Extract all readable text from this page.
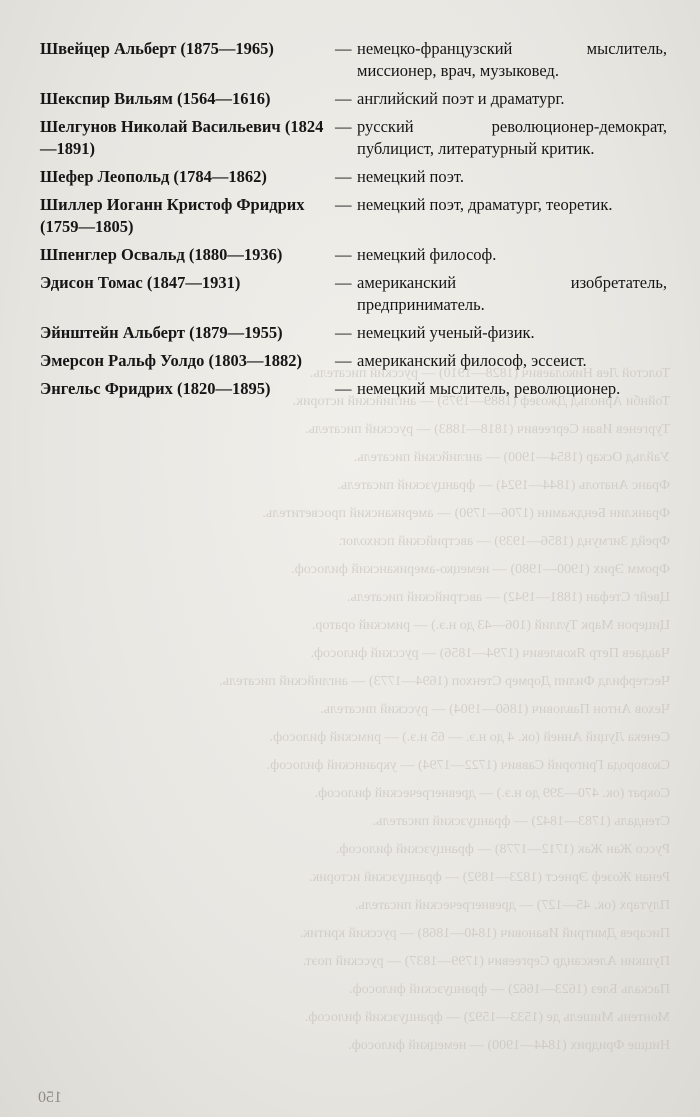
Толстой Лев Николаевич (1828—1910) — русский писатель.
Тойнби Арнольд Джозеф (1889—1975) — английский историк.
Тургенев Иван Сергеевич (1818—1883) — русский писатель.
Уайльд Оскар (1854—1900) — английский писатель.
Франс Анатоль (1844—1924) — французский писатель.
Франклин Бенджамин (1706—1790) — американский просветитель.
Фрейд Зигмунд (1856—1939) — австрийский психолог.
Фромм Эрих (1900—1980) — немецко-американский философ.
Цвейг Стефан (1881—1942) — австрийский писатель.
Цицерон Марк Туллий (106—43 до н.э.) — римский оратор.
Чаадаев Петр Яковлевич (1794—1856) — русский философ.
Честерфилд Филип Дормер Стенхоп (1694—1773) — английский писатель.
Чехов Антон Павлович (1860—1904) — русский писатель.
Сенека Луций Анней (ок. 4 до н.э. — 65 н.э.) — римский философ.
Сковорода Григорий Саввич (1722—1794) — украинский философ.
Сократ (ок. 470—399 до н.э.) — древнегреческий философ.
Стендаль (1783—1842) — французский писатель.
Руссо Жан Жак (1712—1778) — французский философ.
Ренан Жозеф Эрнест (1823—1892) — французский историк.
Плутарх (ок. 45—127) — древнегреческий писатель.
Писарев Дмитрий Иванович (1840—1868) — русский критик.
Пушкин Александр Сергеевич (1799—1837) — русский поэт.
Паскаль Блез (1623—1662) — французский философ.
Монтень Мишель де (1533—1592) — французский философ.
Ницше Фридрих (1844—1900) — немецкий философ.
Швейцер Альберт (1875—1965)	— немецко-французский мыслитель, миссионер, врач, музыковед.
Шекспир Вильям (1564—1616)	— английский поэт и драматург.
Шелгунов Николай Васильевич (1824—1891)
— русский революционер-демократ, публицист, литературный критик.
Шефер Леопольд (1784—1862)	— немецкий поэт.
Шиллер Иоганн Кристоф Фридрих (1759—1805)
— немецкий поэт, драматург, теоретик.
Шпенглер Освальд (1880—1936)	— немецкий философ.
Эдисон Томас (1847—1931)	— американский изобретатель, предприниматель.
Эйнштейн Альберт (1879—1955)	— немецкий ученый-физик.
Эмерсон Ральф Уолдо (1803—1882)	— американский философ, эссеист.
Энгельс Фридрих (1820—1895)	— немецкий мыслитель, революционер.
150
